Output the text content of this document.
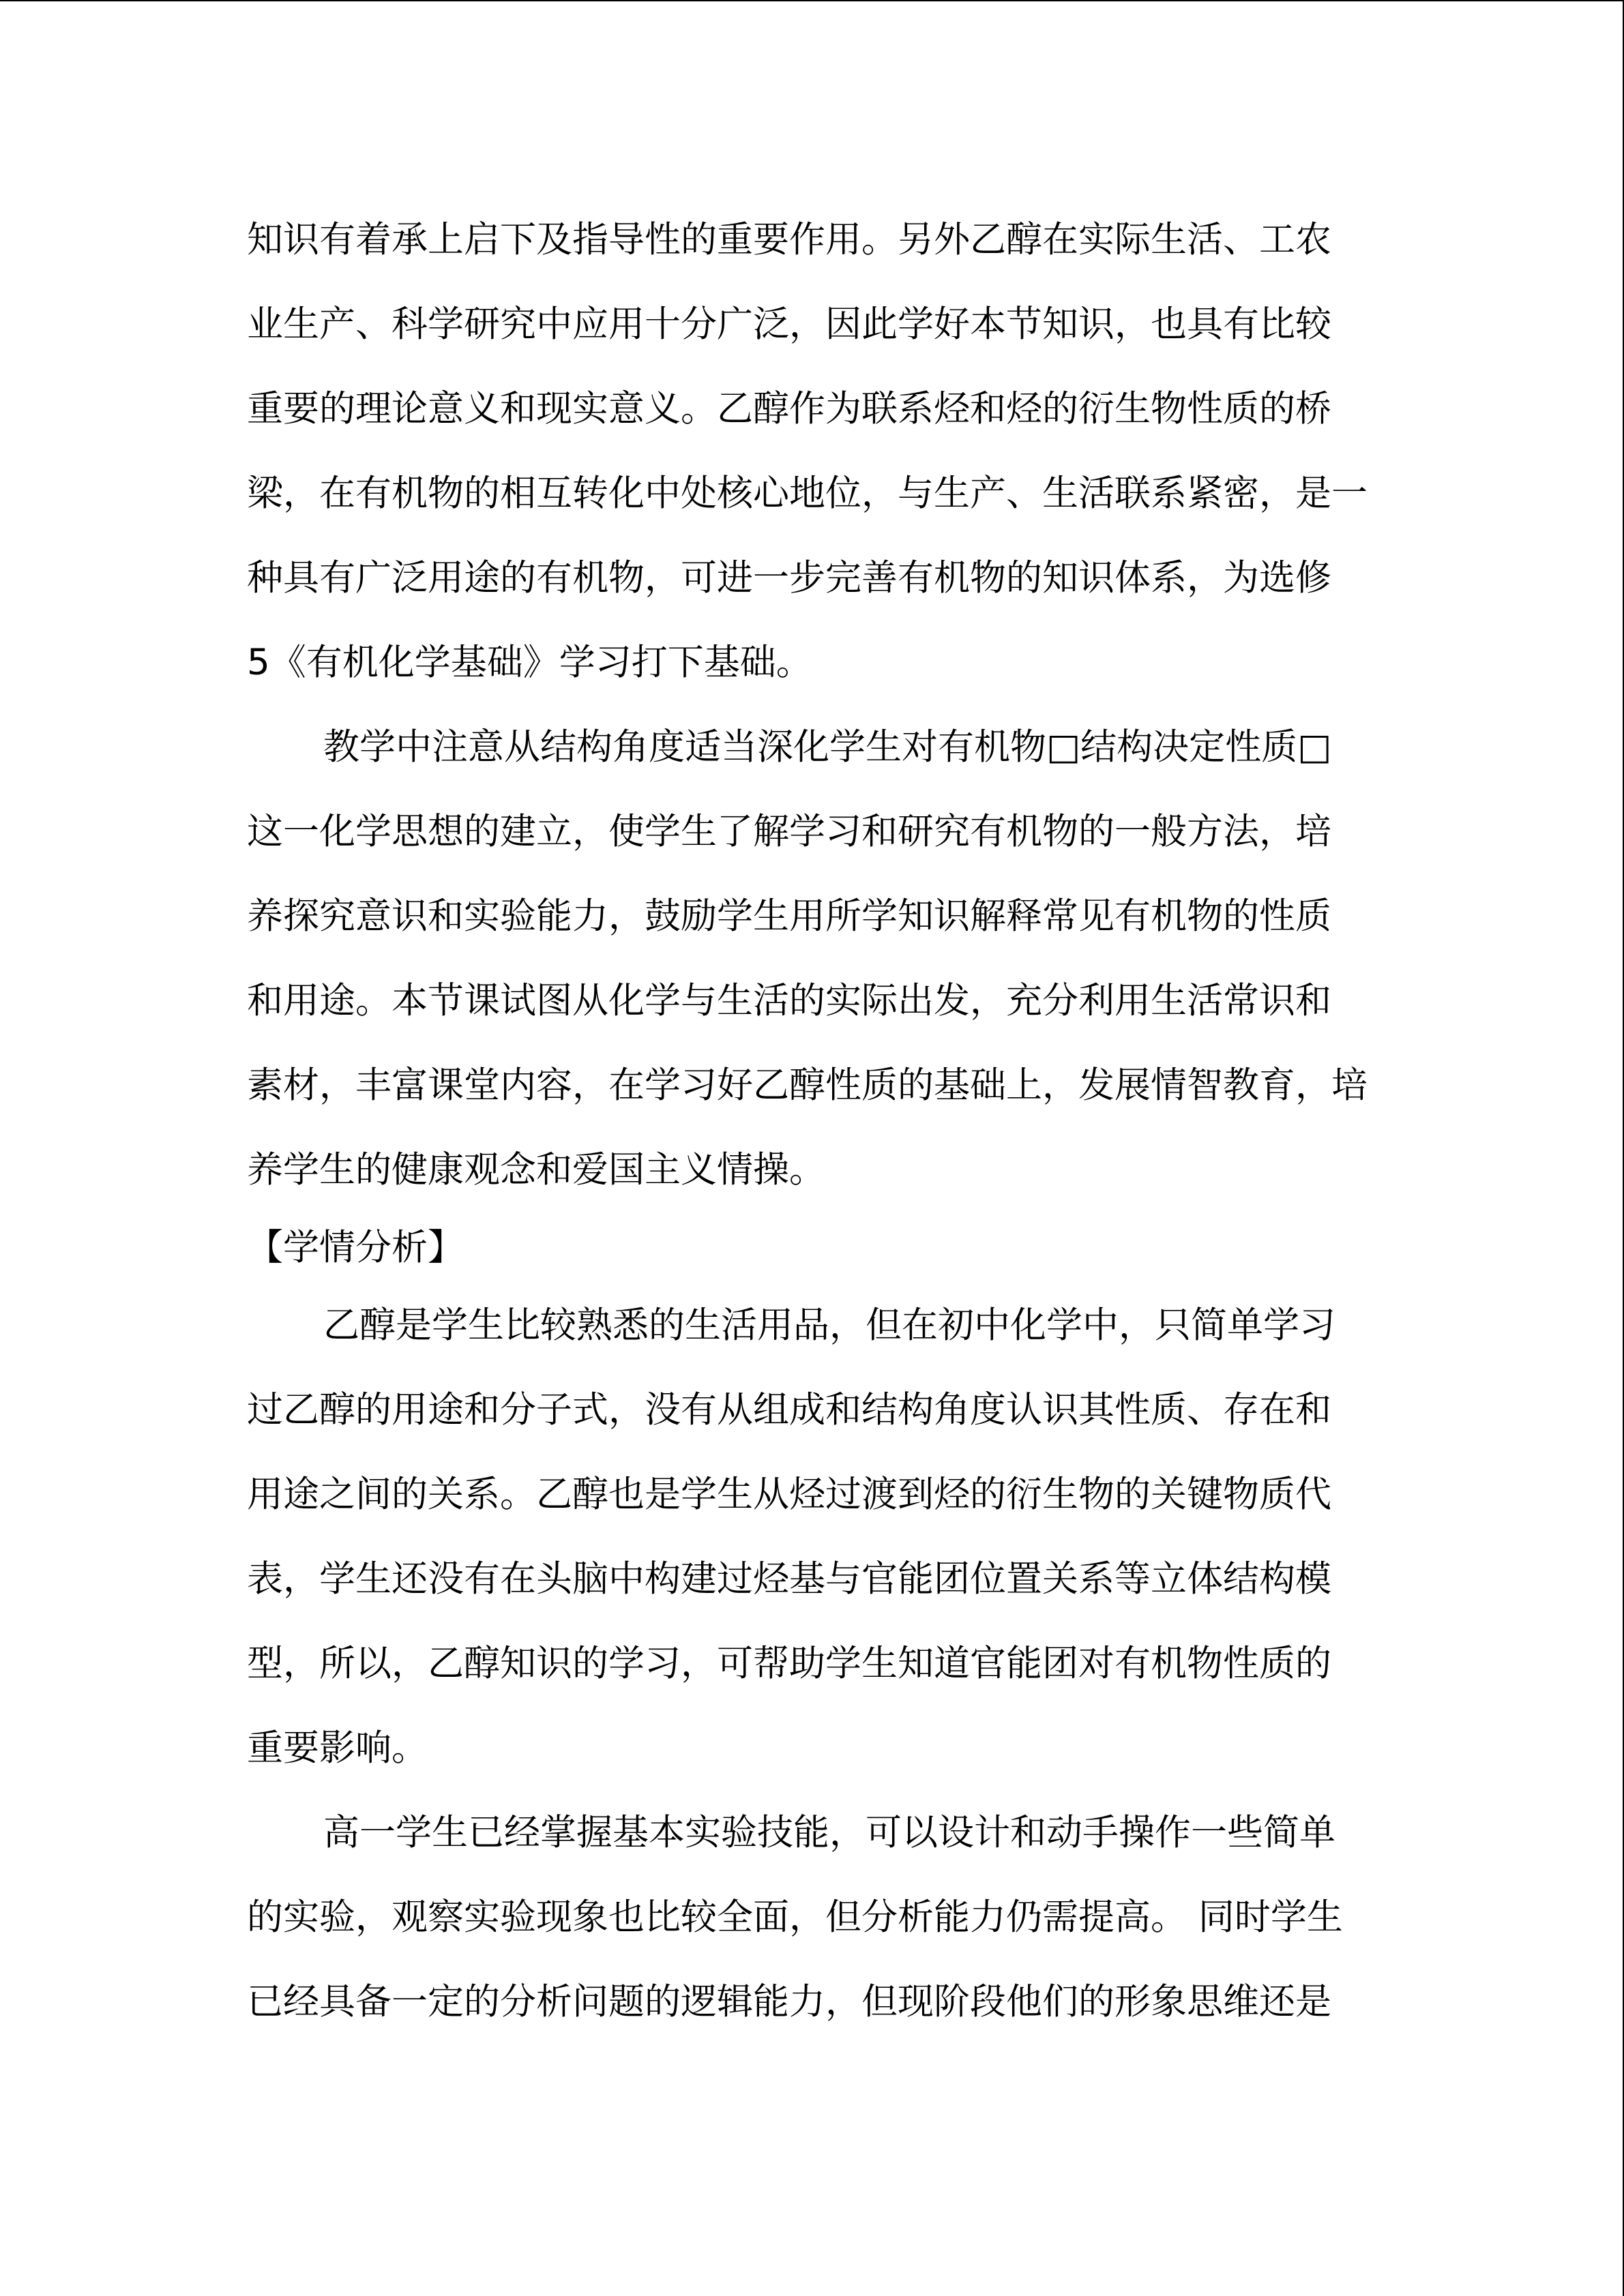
知识有着承上启下及指导性的重要作用。另外乙醇在实际生活、工农
业生产、科学研究中应用十分广泛，因此学好本节知识，也具有比较
重要的理论意义和现实意义。乙醇作为联系烃和烃的衍生物性质的桥
梁，在有机物的相互转化中处核心地位，与生产、生活联系紧密，是一
种具有广泛用途的有机物，可进一步完善有机物的知识体系，为选修
5《有机化学基础》学习打下基础。
教学中注意从结构角度适当深化学生对有机物□结构决定性质□
这一化学思想的建立，使学生了解学习和研究有机物的一般方法，培
养探究意识和实验能力，鼓励学生用所学知识解释常见有机物的性质
和用途。本节课试图从化学与生活的实际出发，充分利用生活常识和
素材，丰富课堂内容，在学习好乙醇性质的基础上，发展情智教育，培
养学生的健康观念和爱国主义情操。
【学情分析】
乙醇是学生比较熟悉的生活用品，但在初中化学中，只简单学习
过乙醇的用途和分子式，没有从组成和结构角度认识其性质、存在和
用途之间的关系。乙醇也是学生从烃过渡到烃的衍生物的关键物质代
表，学生还没有在头脑中构建过烃基与官能团位置关系等立体结构模
型，所以，乙醇知识的学习，可帮助学生知道官能团对有机物性质的
重要影响。
高一学生已经掌握基本实验技能，可以设计和动手操作一些简单
的实验，观察实验现象也比较全面，但分析能力仍需提高。 同时学生
已经具备一定的分析问题的逻辑能力，但现阶段他们的形象思维还是
